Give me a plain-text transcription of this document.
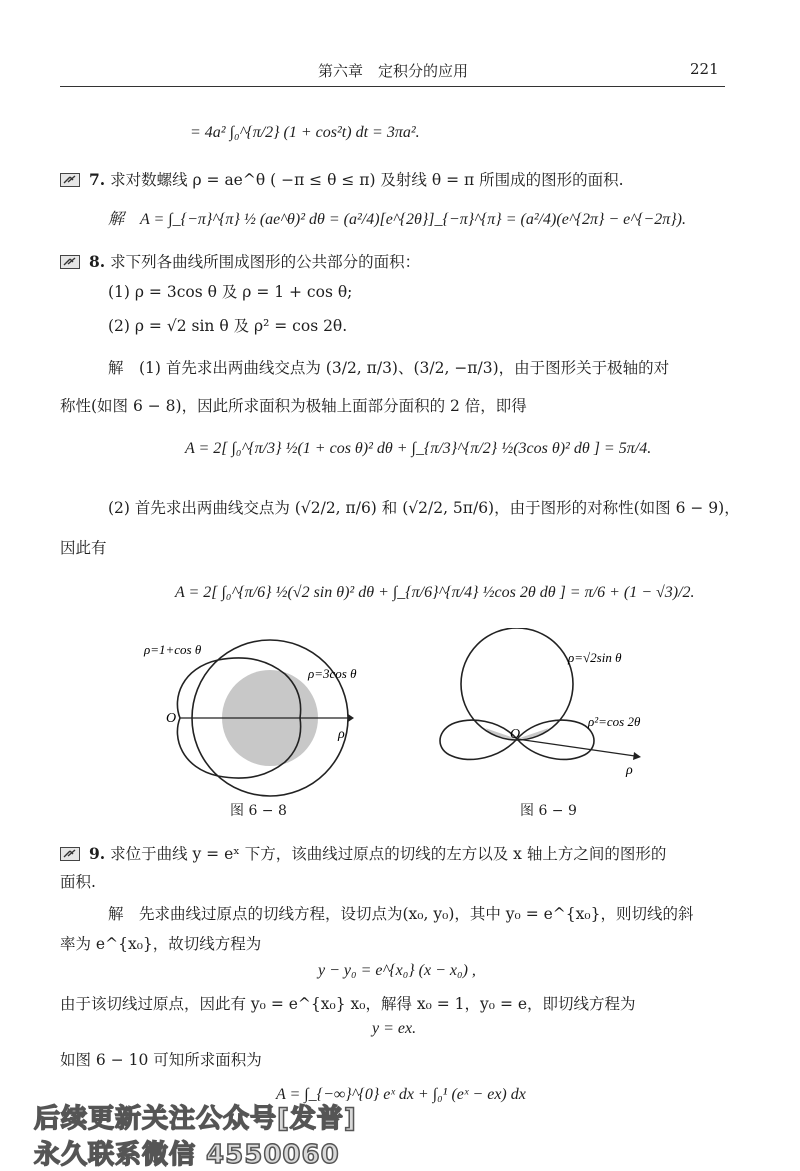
第六章　定积分的应用	221
= 4a² ∫₀^{π/2} (1 + cos²t) dt = 3πa².
7. 求对数螺线 ρ = ae^θ ( −π ≤ θ ≤ π) 及射线 θ = π 所围成的图形的面积.
解　A = ∫_{−π}^{π} ½ (ae^θ)² dθ = (a²/4)[e^{2θ}]_{−π}^{π} = (a²/4)(e^{2π} − e^{−2π}).
8. 求下列各曲线所围成图形的公共部分的面积：
(1) ρ = 3cos θ 及 ρ = 1 + cos θ;
(2) ρ = √2 sin θ 及 ρ² = cos 2θ.
解　(1) 首先求出两曲线交点为 (3/2, π/3)、(3/2, −π/3)，由于图形关于极轴的对
称性(如图 6 − 8)，因此所求面积为极轴上面部分面积的 2 倍，即得
A = 2[ ∫₀^{π/3} ½(1 + cos θ)² dθ + ∫_{π/3}^{π/2} ½(3cos θ)² dθ ] = 5π/4.
(2) 首先求出两曲线交点为 (√2/2, π/6) 和 (√2/2, 5π/6)，由于图形的对称性(如图 6 − 9)，
因此有
A = 2[ ∫₀^{π/6} ½(√2 sin θ)² dθ + ∫_{π/6}^{π/4} ½cos 2θ dθ ] = π/6 + (1 − √3)/2.
ρ=1+cos θ
ρ=3cos θ
O
ρ
图 6 − 8
ρ=√2sin θ
ρ²=cos 2θ
O
ρ
图 6 − 9
9. 求位于曲线 y = eˣ 下方，该曲线过原点的切线的左方以及 x 轴上方之间的图形的
面积.
解　先求曲线过原点的切线方程，设切点为(x₀, y₀)，其中 y₀ = e^{x₀}，则切线的斜
率为 e^{x₀}，故切线方程为
y − y₀ = e^{x₀} (x − x₀) ,
由于该切线过原点，因此有 y₀ = e^{x₀} x₀，解得 x₀ = 1，y₀ = e，即切线方程为
y = ex.
如图 6 − 10 可知所求面积为
A = ∫_{−∞}^{0} eˣ dx + ∫₀¹ (eˣ − ex) dx
后续更新关注公众号[发普]
永久联系微信 4550060
